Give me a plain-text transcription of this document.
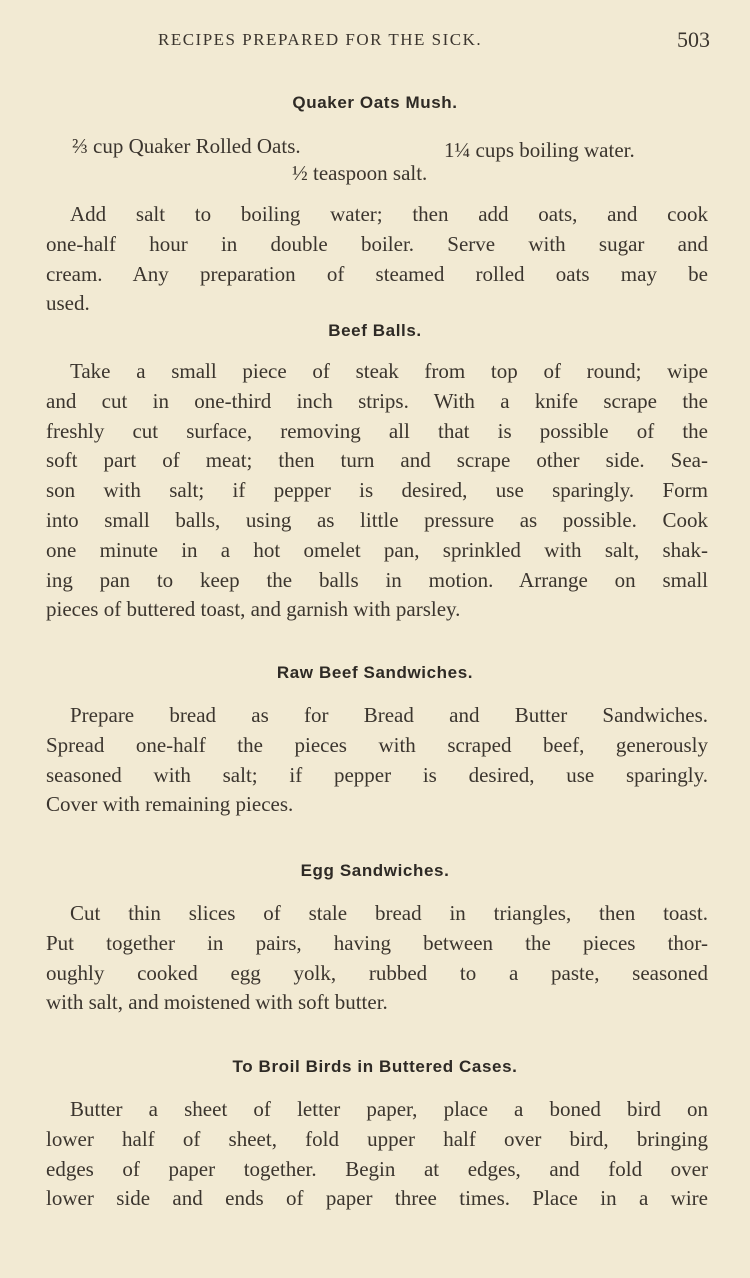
RECIPES PREPARED FOR THE SICK.	503
Quaker Oats Mush.
⅔ cup Quaker Rolled Oats.	1¼ cups boiling water.
½ teaspoon salt.
Add salt to boiling water; then add oats, and cook
one-half hour in double boiler. Serve with sugar and
cream. Any preparation of steamed rolled oats may be
used.
Beef Balls.
Take a small piece of steak from top of round; wipe
and cut in one-third inch strips. With a knife scrape the
freshly cut surface, removing all that is possible of the
soft part of meat; then turn and scrape other side. Sea-
son with salt; if pepper is desired, use sparingly. Form
into small balls, using as little pressure as possible. Cook
one minute in a hot omelet pan, sprinkled with salt, shak-
ing pan to keep the balls in motion. Arrange on small
pieces of buttered toast, and garnish with parsley.
Raw Beef Sandwiches.
Prepare bread as for Bread and Butter Sandwiches.
Spread one-half the pieces with scraped beef, generously
seasoned with salt; if pepper is desired, use sparingly.
Cover with remaining pieces.
Egg Sandwiches.
Cut thin slices of stale bread in triangles, then toast.
Put together in pairs, having between the pieces thor-
oughly cooked egg yolk, rubbed to a paste, seasoned
with salt, and moistened with soft butter.
To Broil Birds in Buttered Cases.
Butter a sheet of letter paper, place a boned bird on
lower half of sheet, fold upper half over bird, bringing
edges of paper together. Begin at edges, and fold over
lower side and ends of paper three times. Place in a wire
